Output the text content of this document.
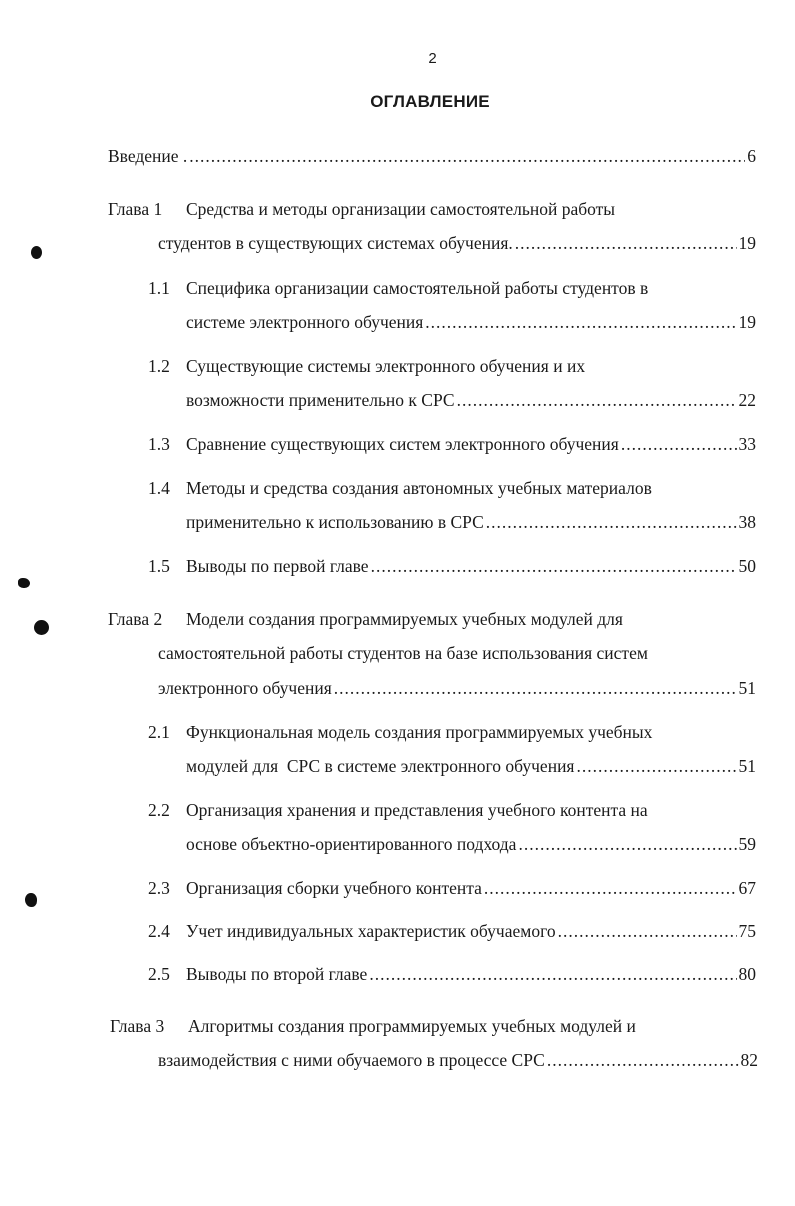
2
ОГЛАВЛЕНИЕ
Введение . .....	6
Глава 1	Средства и методы организации самостоятельной работы
студентов в существующих системах обучения. .....	19
1.1 Специфика организации самостоятельной работы студентов в
системе электронного обучения .....	19
1.2 Существующие системы электронного обучения и их
возможности применительно к СРС .....	22
1.3 Сравнение существующих систем электронного обучения .....	33
1.4 Методы и средства создания автономных учебных материалов
применительно к использованию в СРС .....	38
1.5 Выводы по первой главе .....	50
Глава 2	Модели создания программируемых учебных модулей для
самостоятельной работы студентов на базе использования систем
электронного обучения .....	51
2.1 Функциональная модель создания программируемых учебных
модулей для  СРС в системе электронного обучения .....	51
2.2 Организация хранения и представления учебного контента на
основе объектно-ориентированного подхода .....	59
2.3 Организация сборки учебного контента .....	67
2.4 Учет индивидуальных характеристик обучаемого .....	75
2.5 Выводы по второй главе .....	80
Глава 3	Алгоритмы создания программируемых учебных модулей и
взаимодействия с ними обучаемого в процессе СРС .....	82
